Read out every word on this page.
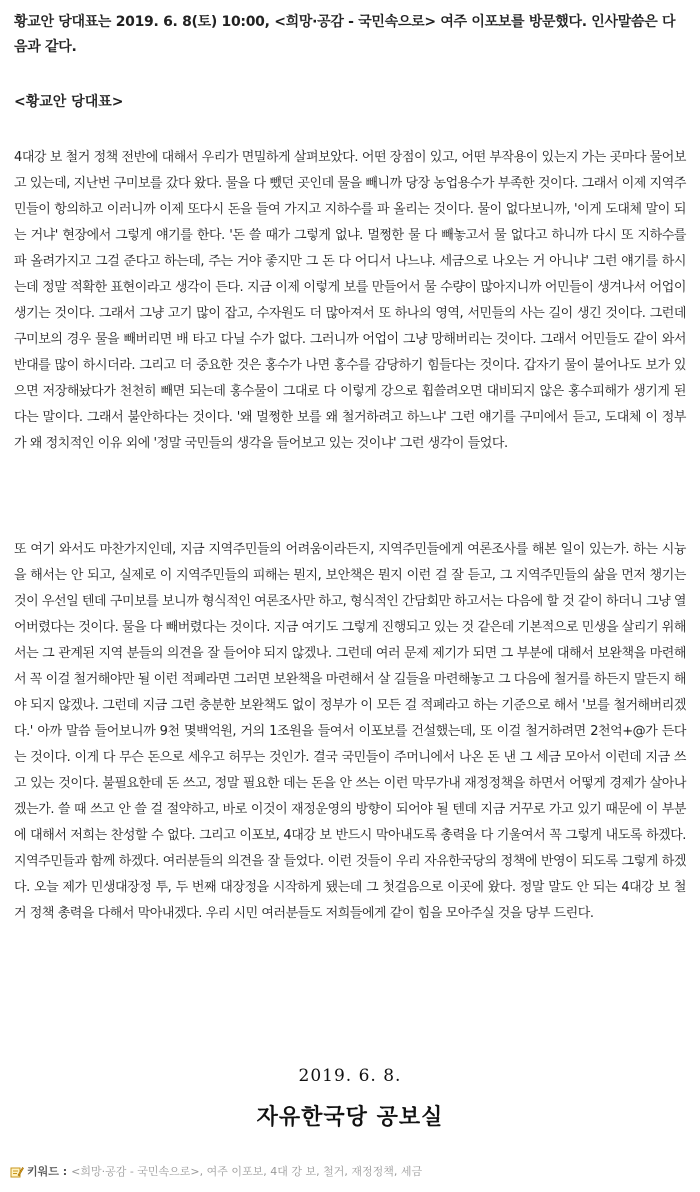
황교안 당대표는 2019. 6. 8(토) 10:00, <희망·공감 - 국민속으로> 여주 이포보를 방문했다. 인사말씀은 다음과 같다.
<황교안 당대표>
4대강 보 철거 정책 전반에 대해서 우리가 면밀하게 살펴보았다. 어떤 장점이 있고, 어떤 부작용이 있는지 가는 곳마다 물어보고 있는데, 지난번 구미보를 갔다 왔다. 물을 다 뺐던 곳인데 물을 빼니까 당장 농업용수가 부족한 것이다. 그래서 이제 지역주민들이 항의하고 이러니까 이제 또다시 돈을 들여 가지고 지하수를 파 올리는 것이다. 물이 없다보니까, '이게 도대체 말이 되는 거냐' 현장에서 그렇게 얘기를 한다. '돈 쓸 때가 그렇게 없냐. 멀쩡한 물 다 빼놓고서 물 없다고 하니까 다시 또 지하수를 파 올려가지고 그걸 준다고 하는데, 주는 거야 좋지만 그 돈 다 어디서 나느냐. 세금으로 나오는 거 아니냐' 그런 얘기를 하시는데 정말 적확한 표현이라고 생각이 든다. 지금 이제 이렇게 보를 만들어서 물 수량이 많아지니까 어민들이 생겨나서 어업이 생기는 것이다. 그래서 그냥 고기 많이 잡고, 수자원도 더 많아져서 또 하나의 영역, 서민들의 사는 길이 생긴 것이다. 그런데 구미보의 경우 물을 빼버리면 배 타고 다닐 수가 없다. 그러니까 어업이 그냥 망해버리는 것이다. 그래서 어민들도 같이 와서 반대를 많이 하시더라. 그리고 더 중요한 것은 홍수가 나면 홍수를 감당하기 힘들다는 것이다. 갑자기 물이 불어나도 보가 있으면 저장해놨다가 천천히 빼면 되는데 홍수물이 그대로 다 이렇게 강으로 휩쓸려오면 대비되지 않은 홍수피해가 생기게 된다는 말이다. 그래서 불안하다는 것이다. '왜 멀쩡한 보를 왜 철거하려고 하느냐' 그런 얘기를 구미에서 듣고, 도대체 이 정부가 왜 정치적인 이유 외에 '정말 국민들의 생각을 들어보고 있는 것이냐' 그런 생각이 들었다.
또 여기 와서도 마찬가지인데, 지금 지역주민들의 어려움이라든지, 지역주민들에게 여론조사를 해본 일이 있는가. 하는 시늉을 해서는 안 되고, 실제로 이 지역주민들의 피해는 뭔지, 보안책은 뭔지 이런 걸 잘 듣고, 그 지역주민들의 삶을 먼저 챙기는 것이 우선일 텐데 구미보를 보니까 형식적인 여론조사만 하고, 형식적인 간담회만 하고서는 다음에 할 것 같이 하더니 그냥 열어버렸다는 것이다. 물을 다 빼버렸다는 것이다. 지금 여기도 그렇게 진행되고 있는 것 같은데 기본적으로 민생을 살리기 위해서는 그 관계된 지역 분들의 의견을 잘 들어야 되지 않겠나. 그런데 여러 문제 제기가 되면 그 부분에 대해서 보완책을 마련해서 꼭 이걸 철거해야만 될 이런 적폐라면 그러면 보완책을 마련해서 살 길들을 마련해놓고 그 다음에 철거를 하든지 말든지 해야 되지 않겠나. 그런데 지금 그런 충분한 보완책도 없이 정부가 이 모든 걸 적폐라고 하는 기준으로 해서 '보를 철거해버리겠다.' 아까 말씀 들어보니까 9천 몇백억원, 거의 1조원을 들여서 이포보를 건설했는데, 또 이걸 철거하려면 2천억+@가 든다는 것이다. 이게 다 무슨 돈으로 세우고 허무는 것인가. 결국 국민들이 주머니에서 나온 돈 낸 그 세금 모아서 이런데 지금 쓰고 있는 것이다. 불필요한데 돈 쓰고, 정말 필요한 데는 돈을 안 쓰는 이런 막무가내 재정정책을 하면서 어떻게 경제가 살아나겠는가. 쓸 때 쓰고 안 쓸 걸 절약하고, 바로 이것이 재정운영의 방향이 되어야 될 텐데 지금 거꾸로 가고 있기 때문에 이 부분에 대해서 저희는 찬성할 수 없다. 그리고 이포보, 4대강 보 반드시 막아내도록 총력을 다 기울여서 꼭 그렇게 내도록 하겠다. 지역주민들과 함께 하겠다. 여러분들의 의견을 잘 들었다. 이런 것들이 우리 자유한국당의 정책에 반영이 되도록 그렇게 하겠다. 오늘 제가 민생대장정 투, 두 번째 대장정을 시작하게 됐는데 그 첫걸음으로 이곳에 왔다. 정말 말도 안 되는 4대강 보 철거 정책 총력을 다해서 막아내겠다. 우리 시민 여러분들도 저희들에게 같이 힘을 모아주실 것을 당부 드린다.
2019. 6. 8.
자유한국당 공보실
키워드 : <희망·공감 - 국민속으로>, 여주 이포보, 4대 강 보, 철거, 재정정책, 세금
